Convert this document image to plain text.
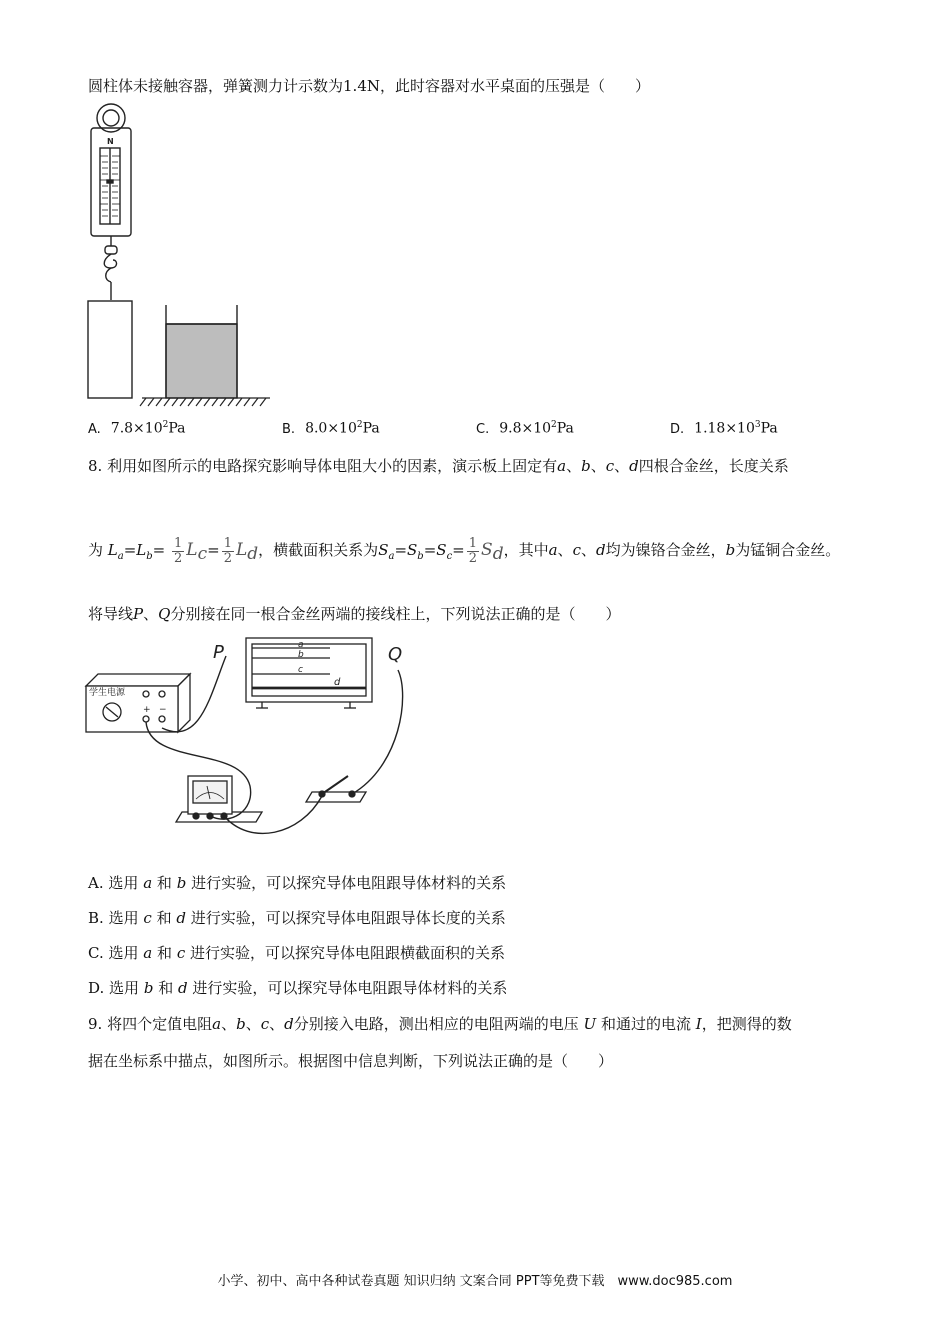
圆柱体未接触容器，弹簧测力计示数为1.4N，此时容器对水平桌面的压强是（　　）
N
A. $7.8\times 10^2Pa$	B. $8.0\times 10^2Pa$	C. $9.8\times 10^2Pa$	D. $1.18\times 10^3Pa$
8. 利用如图所示的电路探究影响导体电阻大小的因素，演示板上固定有a、b、c、d四根合金丝，长度关系
为 $L_a=L_b= \frac{1}{2} L_c= \frac{1}{2} L_d$，横截面积关系为$S_a=S_b=S_c= \frac{1}{2} S_d$，其中a、c、d均为镍铬合金丝，b为锰铜合金丝。
将导线P、Q分别接在同一根合金丝两端的接线柱上，下列说法正确的是（　　）
学生电源
+ −
a
b
c
d
P	Q
A. 选用 a 和 b 进行实验，可以探究导体电阻跟导体材料的关系
B. 选用 c 和 d 进行实验，可以探究导体电阻跟导体长度的关系
C. 选用 a 和 c 进行实验，可以探究导体电阻跟横截面积的关系
D. 选用 b 和 d 进行实验，可以探究导体电阻跟导体材料的关系
9. 将四个定值电阻a、b、c、d分别接入电路，测出相应的电阻两端的电压 U 和通过的电流 I，把测得的数
据在坐标系中描点，如图所示。根据图中信息判断，下列说法正确的是（　　）
小学、初中、高中各种试卷真题 知识归纳 文案合同 PPT等免费下载　www.doc985.com
